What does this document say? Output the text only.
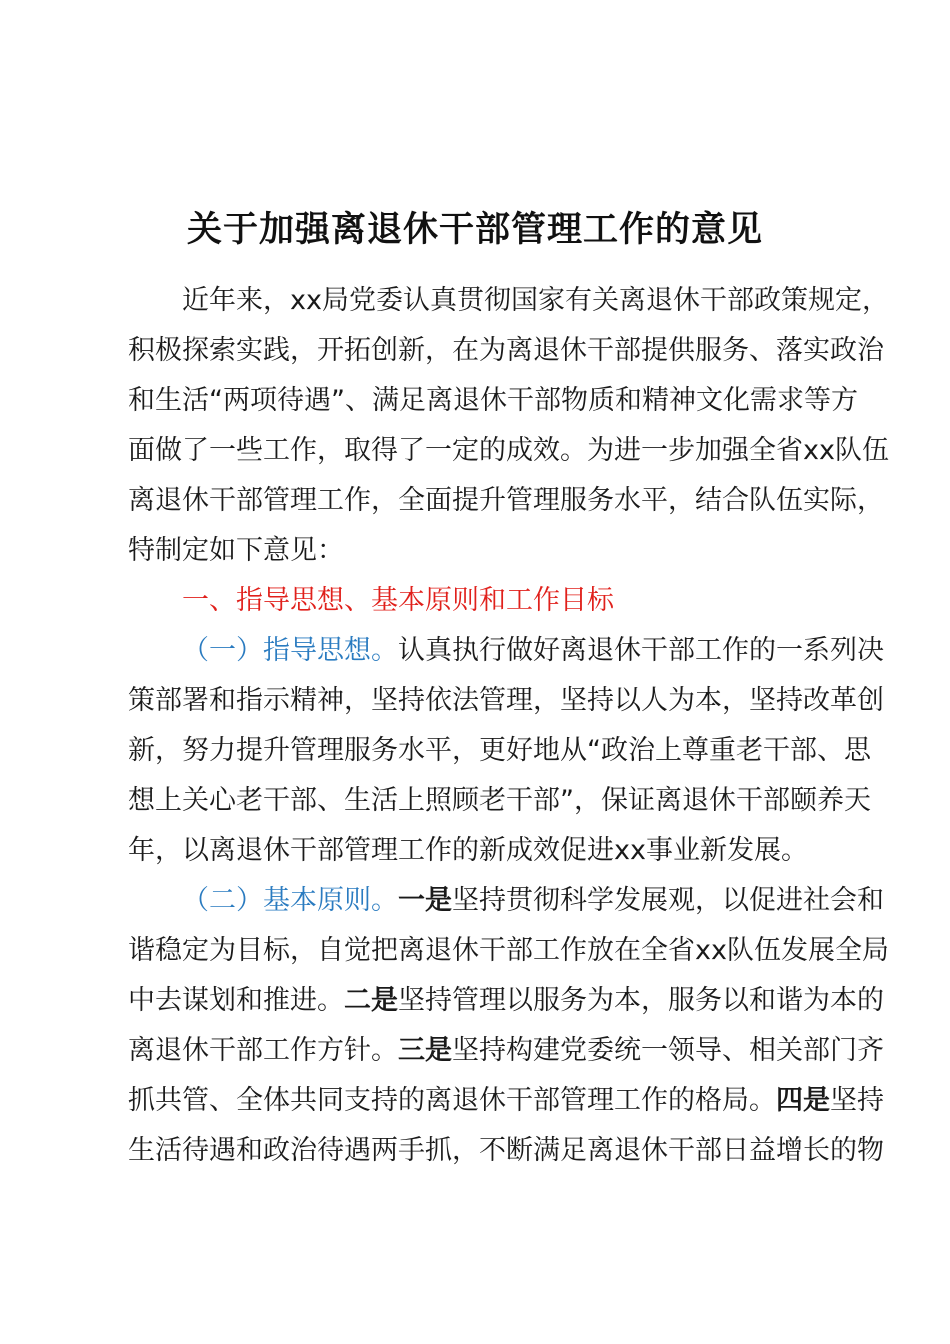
关于加强离退休干部管理工作的意见
近年来，xx局党委认真贯彻国家有关离退休干部政策规定，
积极探索实践，开拓创新，在为离退休干部提供服务、落实政治
和生活“两项待遇”、满足离退休干部物质和精神文化需求等方
面做了一些工作，取得了一定的成效。为进一步加强全省xx队伍
离退休干部管理工作，全面提升管理服务水平，结合队伍实际，
特制定如下意见：
一、指导思想、基本原则和工作目标
（一）指导思想。认真执行做好离退休干部工作的一系列决
策部署和指示精神，坚持依法管理，坚持以人为本，坚持改革创
新，努力提升管理服务水平，更好地从“政治上尊重老干部、思
想上关心老干部、生活上照顾老干部”，保证离退休干部颐养天
年，以离退休干部管理工作的新成效促进xx事业新发展。
（二）基本原则。一是坚持贯彻科学发展观，以促进社会和
谐稳定为目标，自觉把离退休干部工作放在全省xx队伍发展全局
中去谋划和推进。二是坚持管理以服务为本，服务以和谐为本的
离退休干部工作方针。三是坚持构建党委统一领导、相关部门齐
抓共管、全体共同支持的离退休干部管理工作的格局。四是坚持
生活待遇和政治待遇两手抓，不断满足离退休干部日益增长的物
